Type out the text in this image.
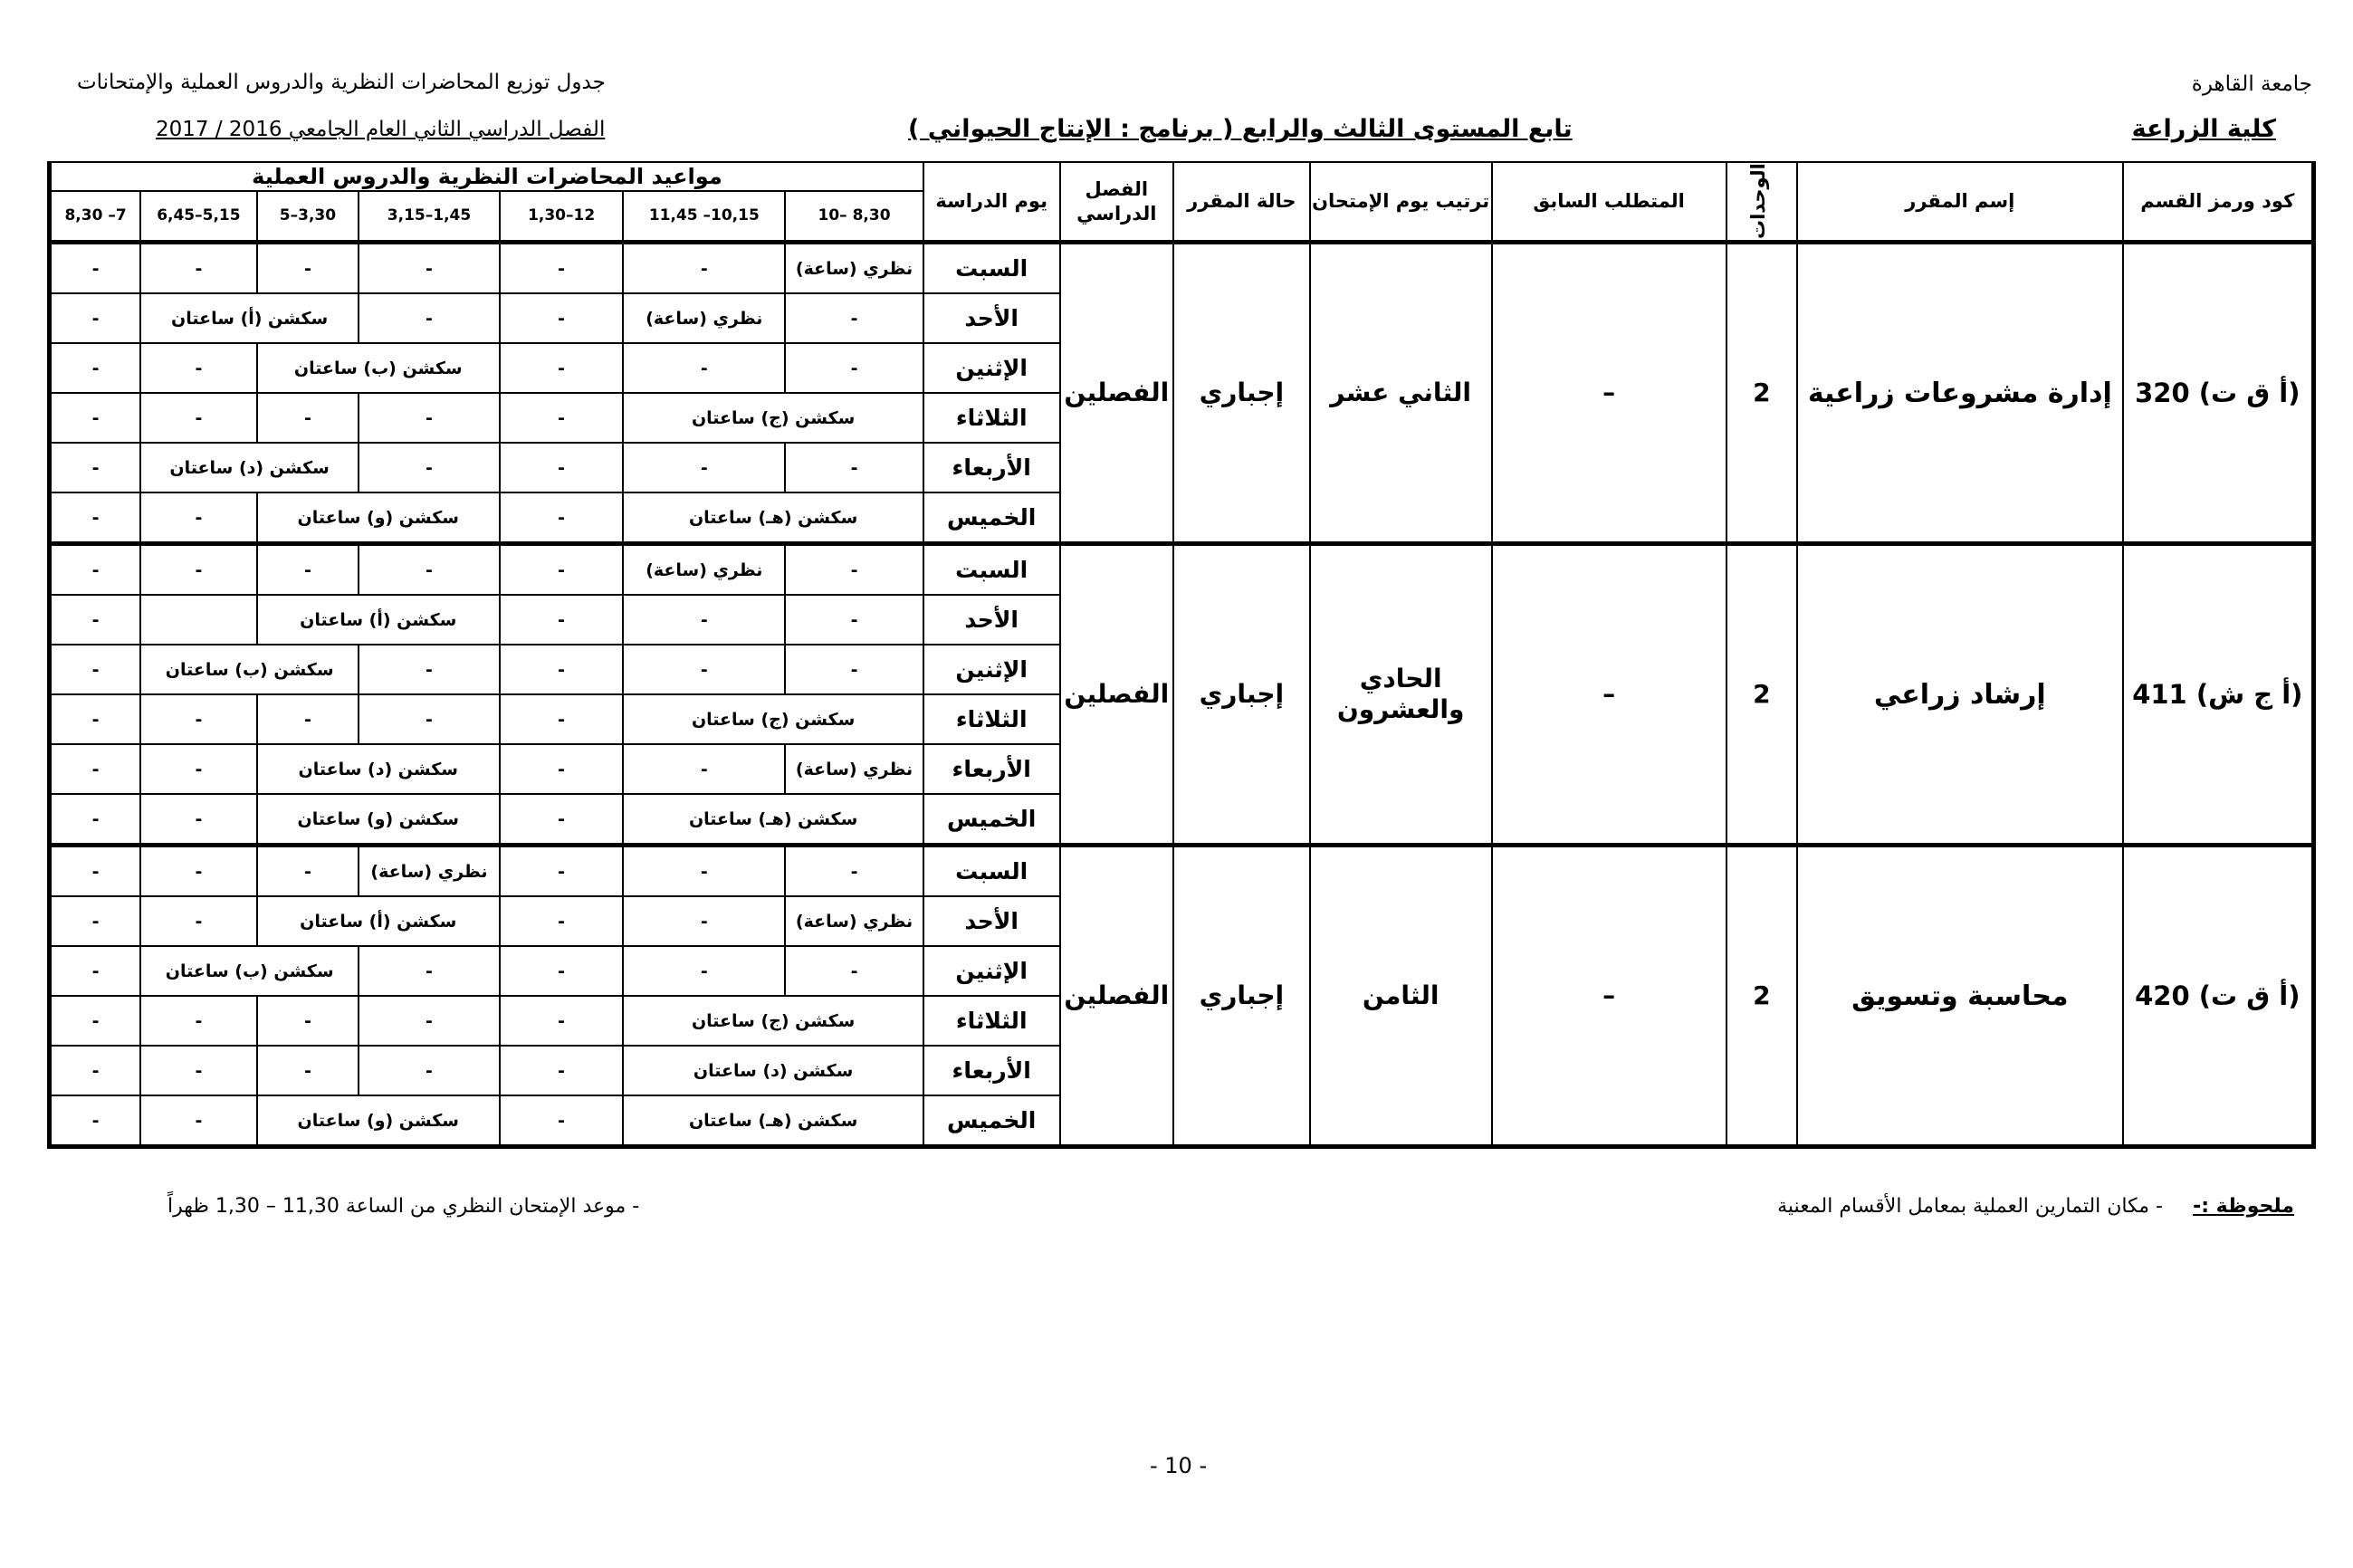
جامعة القاهرة
كلية الزراعة
جدول توزيع المحاضرات النظرية والدروس العملية والإمتحانات
الفصل الدراسي الثاني العام الجامعي 2016 / 2017	تابع المستوى الثالث والرابع ( برنامج : الإنتاج الحيواني )
كود ورمز القسم	إسم المقرر	الوحدات	المتطلب السابق	ترتيب يوم الإمتحان	حالة المقرر	الفصل الدراسي	يوم الدراسة	مواعيد المحاضرات النظرية والدروس العملية						
								8,30 –10	10,15– 11,45	12–1,30	1,45–3,15	3,30–5	5,15–6,45	7– 8,30
(أ ق ت) 320	إدارة مشروعات زراعية	2	–	الثاني عشر	إجباري	الفصلين	السبت	نظري (ساعة)	-	-	-	-	-	-
							الأحد	-	نظري (ساعة)	-	-	سكشن (أ) ساعتان		-
							الإثنين	-	-	-	سكشن (ب) ساعتان		-	-
							الثلاثاء	سكشن (ج) ساعتان		-	-	-	-	-
							الأربعاء	-	-	-	-	سكشن (د) ساعتان		-
							الخميس	سكشن (هـ) ساعتان		-	سكشن (و) ساعتان		-	-
(أ ج ش) 411	إرشاد زراعي	2	–	الحادي والعشرون	إجباري	الفصلين	السبت	-	نظري (ساعة)	-	-	-	-	-
							الأحد	-	-	-	سكشن (أ) ساعتان			-
							الإثنين	-	-	-	-	سكشن (ب) ساعتان		-
							الثلاثاء	سكشن (ج) ساعتان		-	-	-	-	-
							الأربعاء	نظري (ساعة)	-	-	سكشن (د) ساعتان		-	-
							الخميس	سكشن (هـ) ساعتان		-	سكشن (و) ساعتان		-	-
(أ ق ت) 420	محاسبة وتسويق	2	–	الثامن	إجباري	الفصلين	السبت	-	-	-	نظري (ساعة)	-	-	-
							الأحد	نظري (ساعة)	-	-	سكشن (أ) ساعتان		-	-
							الإثنين	-	-	-	-	سكشن (ب) ساعتان		-
							الثلاثاء	سكشن (ج) ساعتان		-	-	-	-	-
							الأربعاء	سكشن (د) ساعتان		-	-	-	-	-
							الخميس	سكشن (هـ) ساعتان		-	سكشن (و) ساعتان		-	-
ملحوظة :-
- مكان التمارين العملية بمعامل الأقسام المعنية
- موعد الإمتحان النظري من الساعة 11,30 – 1,30 ظهراً
- 10 -
